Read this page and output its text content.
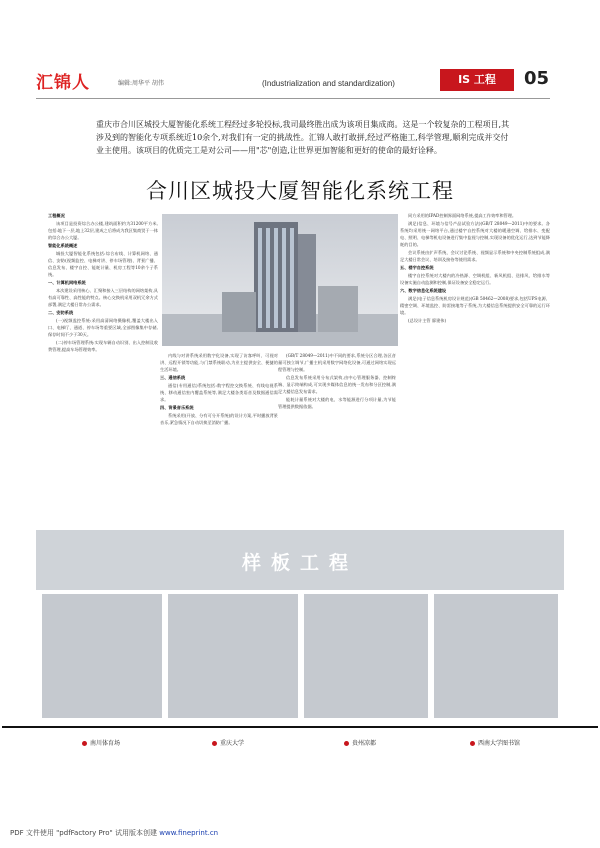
汇锦人	编辑:周华平 胡伟	(Industrialization and standardization)	IS 工程	05
重庆市合川区城投大厦智能化系统工程经过多轮投标,我司最终胜出成为该项目集成商。这是一个较复杂的工程项目,其涉及到的智能化专项系统近10余个,对我们有一定的挑战性。汇锦人敢打敢拼,经过严格施工,科学管理,顺利完成并交付业主使用。该项目的优质完工是对公司——用"芯"创造,让世界更加智能和更好的使命的最好诠释。
合川区城投大厦智能化系统工程

工程概况

该项目是投资综合办公楼,建筑面积约为31200平方米,包括:地下一层,地上32层,建成之后将成为我区集商贸于一体的综合办公大厦。

智能化系统概述

城投大厦智能化系统包括:综合布线、计算机网络、通信、安防(视频监控、电梯对讲、停车场管理)、背景广播、信息发布、楼宇自控、能耗计量、机房工程等10余个子系统。

一、计算机网络系统

本次建设采用核心、汇聚和接入三层结构的网络架构,具有高可靠性、高性能的特点。核心交换机采用双机冗余方式部署,满足大楼日常办公需求。

二、安防系统

(一)视频监控系统:采用高清网络摄像机,覆盖大楼出入口、电梯厅、通道、停车场等重要区域,全部图像集中存储,保存时间不少于30天。

(二)停车场管理系统:实现车辆自动识别、出入控制及收费管理,提高车场管理效率。

内线与对讲系统采用数字化设备,实现了访客呼叫、可视对讲、远程开锁等功能,与门禁系统联动,为业主提供安全、便捷的生活环境。

三、通信系统

通信(专用通信)系统包括:数字程控交换系统、有线电视系统、移动通信室内覆盖系统等,满足大楼各类语音及数据通信需求。

四、背景音乐系统

系统采用(开放、分有可分开系统)的设计方案,平时播放背景音乐,紧急情况下自动切换至消防广播。

(GB/T 28049—2011)中不同的要求,系统分区合理,各区音量可独立调节,广播主机采用数字网络化设备,可通过网络实现远程管理与控制。

信息发布系统采用分布式架构,由中心管理服务器、控制终端、显示终端构成,可实现多媒体信息的统一发布和分区控制,满足大楼信息发布需求。

能耗计量系统对大楼的电、水等能源进行分项计量,为节能管理提供数据依据。

同方采用的IPAD控制界面网络系统,提高工作效率和管理。

满足(信息、环境与信号产品试验方法)(GB/T 28049—2011)中的要求。各系统均采用统一网络平台,通过楼宇自控系统对大楼的暖通空调、给排水、变配电、照明、电梯等机电设备进行集中监视与控制,实现设备的优化运行,达到节能降耗的目的。

会议系统由扩声系统、会议讨论系统、视频显示系统和中央控制系统组成,满足大楼日常会议、培训及接待等使用需求。

五、楼宇自控系统

楼宇自控系统对大楼内的冷热源、空调机组、新风机组、送排风、给排水等设备实施自动监测和控制,保证设备安全稳定运行。

六、数字信息化系统建设

满足(电子信息系统机房设计规范)(GB 50462—2008)要求,包括UPS电源、精密空调、环境监控、防雷接地等子系统,为大楼信息系统提供安全可靠的运行环境。

(总设计主管 廖建伟)

样板工程
南川体育场	重庆大学	贵州凉都	西南大学图书馆
PDF 文件使用 "pdfFactory Pro" 试用版本创建 www.fineprint.cn
